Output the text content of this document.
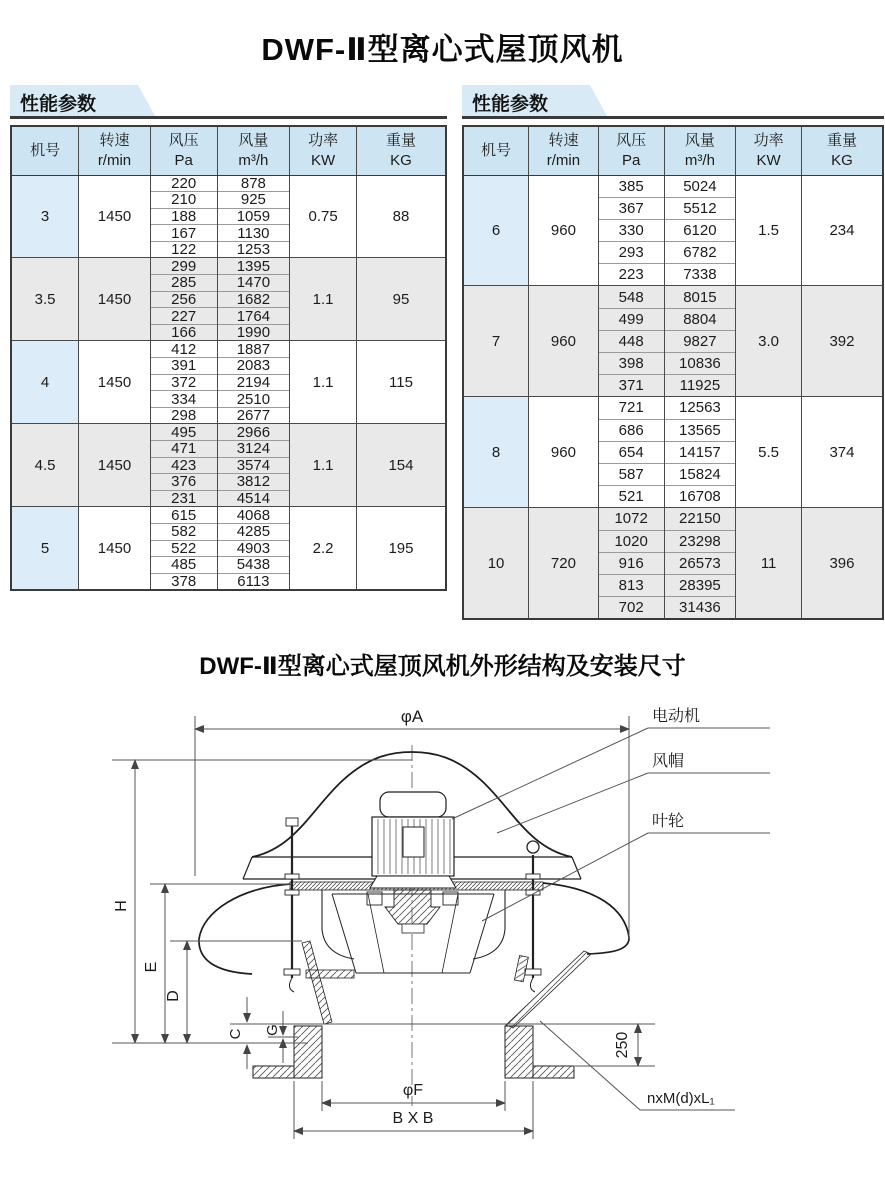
DWF-Ⅱ型离心式屋顶风机
性能参数
机号

转速
r/min

风压
Pa

风量
m³/h

功率
KW

重量
KG

3	1450	220	878	0.75	88
		210	925		
		188	1059		
		167	1130		
		122	1253		
3.5	1450	299	1395	1.1	95
		285	1470		
		256	1682		
		227	1764		
		166	1990		
4	1450	412	1887	1.1	115
		391	2083		
		372	2194		
		334	2510		
		298	2677		
4.5	1450	495	2966	1.1	154
		471	3124		
		423	3574		
		376	3812		
		231	4514		
5	1450	615	4068	2.2	195
		582	4285		
		522	4903		
		485	5438		
		378	6113		
性能参数
机号

转速
r/min

风压
Pa

风量
m³/h

功率
KW

重量
KG

6	960	385	5024	1.5	234
		367	5512		
		330	6120		
		293	6782		
		223	7338		
7	960	548	8015	3.0	392
		499	8804		
		448	9827		
		398	10836		
		371	11925		
8	960	721	12563	5.5	374
		686	13565		
		654	14157		
		587	15824		
		521	16708		
10	720	1072	22150	11	396
		1020	23298		
		916	26573		
		813	28395		
		702	31436		
DWF-Ⅱ型离心式屋顶风机外形结构及安装尺寸
φA
H
E
D
C G
250
φF
B X B
nxM(d)xL₁
电动机
风帽
叶轮
